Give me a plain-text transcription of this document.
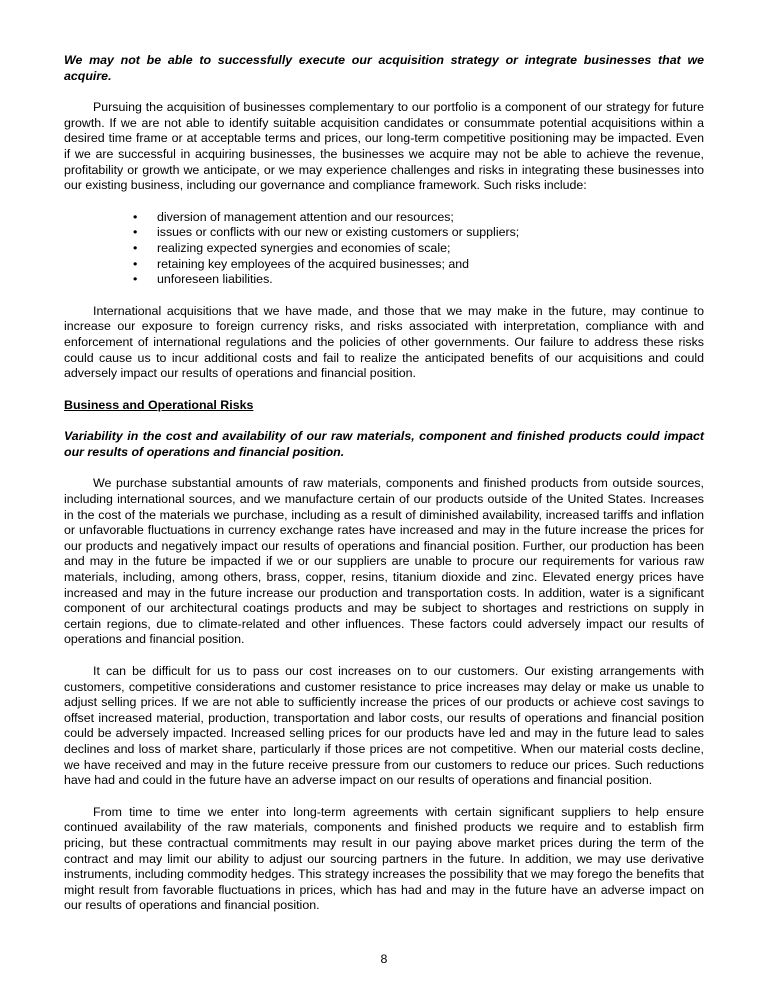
We may not be able to successfully execute our acquisition strategy or integrate businesses that we acquire.

Pursuing the acquisition of businesses complementary to our portfolio is a component of our strategy for future growth. If we are not able to identify suitable acquisition candidates or consummate potential acquisitions within a desired time frame or at acceptable terms and prices, our long-term competitive positioning may be impacted. Even if we are successful in acquiring businesses, the businesses we acquire may not be able to achieve the revenue, profitability or growth we anticipate, or we may experience challenges and risks in integrating these businesses into our existing business, including our governance and compliance framework. Such risks include:

• diversion of management attention and our resources;
• issues or conflicts with our new or existing customers or suppliers;
• realizing expected synergies and economies of scale;
• retaining key employees of the acquired businesses; and
• unforeseen liabilities.

International acquisitions that we have made, and those that we may make in the future, may continue to increase our exposure to foreign currency risks, and risks associated with interpretation, compliance with and enforcement of international regulations and the policies of other governments. Our failure to address these risks could cause us to incur additional costs and fail to realize the anticipated benefits of our acquisitions and could adversely impact our results of operations and financial position.

Business and Operational Risks

Variability in the cost and availability of our raw materials, component and finished products could impact our results of operations and financial position.

We purchase substantial amounts of raw materials, components and finished products from outside sources, including international sources, and we manufacture certain of our products outside of the United States. Increases in the cost of the materials we purchase, including as a result of diminished availability, increased tariffs and inflation or unfavorable fluctuations in currency exchange rates have increased and may in the future increase the prices for our products and negatively impact our results of operations and financial position. Further, our production has been and may in the future be impacted if we or our suppliers are unable to procure our requirements for various raw materials, including, among others, brass, copper, resins, titanium dioxide and zinc. Elevated energy prices have increased and may in the future increase our production and transportation costs. In addition, water is a significant component of our architectural coatings products and may be subject to shortages and restrictions on supply in certain regions, due to climate-related and other influences. These factors could adversely impact our results of operations and financial position.

It can be difficult for us to pass our cost increases on to our customers. Our existing arrangements with customers, competitive considerations and customer resistance to price increases may delay or make us unable to adjust selling prices. If we are not able to sufficiently increase the prices of our products or achieve cost savings to offset increased material, production, transportation and labor costs, our results of operations and financial position could be adversely impacted. Increased selling prices for our products have led and may in the future lead to sales declines and loss of market share, particularly if those prices are not competitive. When our material costs decline, we have received and may in the future receive pressure from our customers to reduce our prices. Such reductions have had and could in the future have an adverse impact on our results of operations and financial position.

From time to time we enter into long-term agreements with certain significant suppliers to help ensure continued availability of the raw materials, components and finished products we require and to establish firm pricing, but these contractual commitments may result in our paying above market prices during the term of the contract and may limit our ability to adjust our sourcing partners in the future. In addition, we may use derivative instruments, including commodity hedges. This strategy increases the possibility that we may forego the benefits that might result from favorable fluctuations in prices, which has had and may in the future have an adverse impact on our results of operations and financial position.

8
